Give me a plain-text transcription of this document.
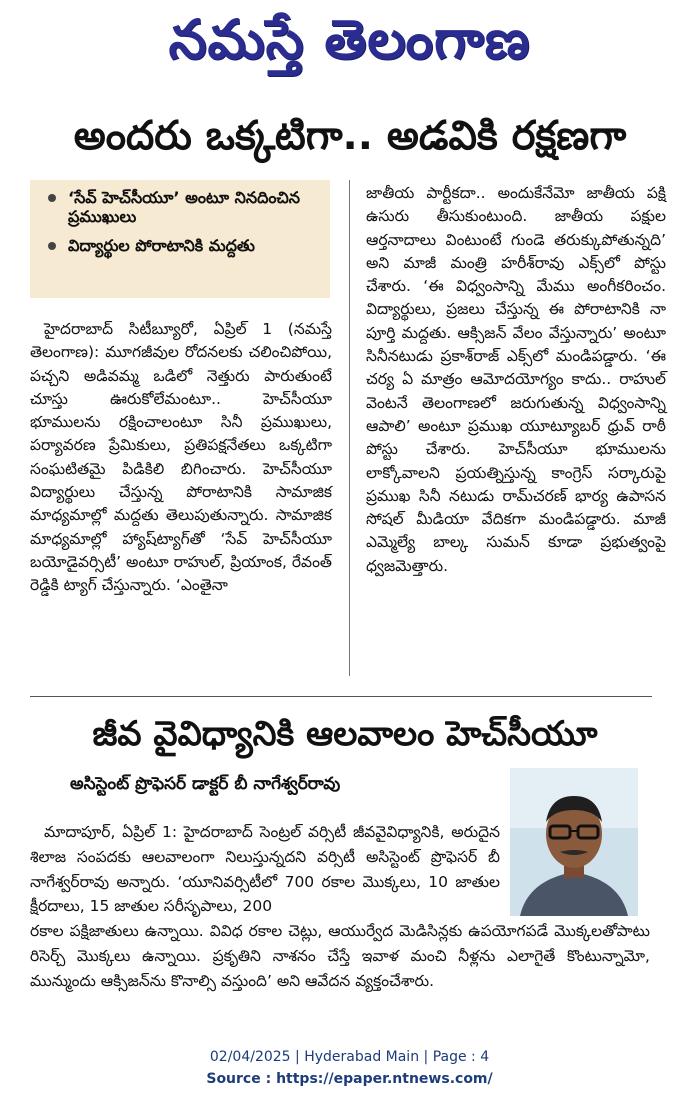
నమస్తే తెలంగాణ
అందరు ఒక్కటిగా.. అడవికి రక్షణగా
‘సేవ్ హెచ్‌సీయూ’ అంటూ నినదించిన ప్రముఖులు
విద్యార్థుల పోరాటానికి మద్దతు
హైదరాబాద్ సిటీబ్యూరో, ఏప్రిల్ 1 (నమస్తే తెలంగాణ): మూగజీవుల రోదనలకు చలించిపోయి, పచ్చని అడివమ్మ ఒడిలో నెత్తురు పారుతుంటే చూస్తు ఊరుకోలేమంటూ.. హెచ్‌సీయూ భూములను రక్షించాలంటూ సినీ ప్రముఖులు, పర్యావరణ ప్రేమికులు, ప్రతిపక్షనేతలు ఒక్కటిగా సంఘటితమై పిడికిలి బిగించారు. హెచ్‌సీయూ విద్యార్థులు చేస్తున్న పోరాటానికి సామాజిక మాధ్యమాల్లో మద్దతు తెలుపుతున్నారు. సామాజిక మాధ్యమాల్లో హ్యాష్‌ట్యాగ్‌తో ‘సేవ్ హెచ్‌సీయూ బయోడైవర్సిటీ’ అంటూ రాహుల్, ప్రియాంక, రేవంత్ రెడ్డికి ట్యాగ్ చేస్తున్నారు. ‘ఎంతైనా
జాతీయ పార్టీకదా.. అందుకేనేమో జాతీయ పక్షి ఉసురు తీసుకుంటుంది. జాతీయ పక్షుల ఆర్తనాదాలు వింటుంటే గుండె తరుక్కుపోతున్నది’ అని మాజీ మంత్రి హరీశ్‌రావు ఎక్స్‌లో పోస్టు చేశారు. ‘ఈ విధ్వంసాన్ని మేము అంగీకరించం. విద్యార్థులు, ప్రజలు చేస్తున్న ఈ పోరాటానికి నా పూర్తి మద్దతు. ఆక్సిజన్ వేలం వేస్తున్నారు’ అంటూ సినీనటుడు ప్రకాశ్‌రాజ్ ఎక్స్‌లో మండిపడ్డారు. ‘ఈ చర్య ఏ మాత్రం ఆమోదయోగ్యం కాదు.. రాహుల్ వెంటనే తెలంగాణలో జరుగుతున్న విధ్వంసాన్ని ఆపాలి’ అంటూ ప్రముఖ యూట్యూబర్ ధ్రువ్ రాఠీ పోస్టు చేశారు. హెచ్‌సీయూ భూములను లాక్కోవాలని ప్రయత్నిస్తున్న కాంగ్రెస్ సర్కారుపై ప్రముఖ సినీ నటుడు రామ్‌చరణ్ భార్య ఉపాసన సోషల్ మీడియా వేదికగా మండిపడ్డారు. మాజీ ఎమ్మెల్యే బాల్క సుమన్ కూడా ప్రభుత్వంపై ధ్వజమెత్తారు.
జీవ వైవిధ్యానికి ఆలవాలం హెచ్‌సీయూ
అసిస్టెంట్ ప్రొఫెసర్ డాక్టర్ బీ నాగేశ్వర్‌రావు
మాదాపూర్, ఏప్రిల్ 1: హైదరాబాద్ సెంట్రల్ వర్సిటీ జీవవైవిధ్యానికి, అరుదైన శిలాజ సంపదకు ఆలవాలంగా నిలుస్తున్నదని వర్సిటీ అసిస్టెంట్ ప్రొఫెసర్ బీ నాగేశ్వర్‌రావు అన్నారు. ‘యూనివర్సిటీలో 700 రకాల మొక్కలు, 10 జాతుల క్షీరదాలు, 15 జాతుల సరీసృపాలు, 200
రకాల పక్షిజాతులు ఉన్నాయి. వివిధ రకాల చెట్లు, ఆయుర్వేద మెడిసిన్లకు ఉపయోగపడే మొక్కలతోపాటు రిసెర్చ్ మొక్కలు ఉన్నాయి. ప్రకృతిని నాశనం చేస్తే ఇవాళ మంచి నీళ్లను ఎలాగైతే కొంటున్నామో, మున్ముందు ఆక్సిజన్‌ను కొనాల్సి వస్తుంది’ అని ఆవేదన వ్యక్తంచేశారు.
02/04/2025 | Hyderabad Main | Page : 4
Source : https://epaper.ntnews.com/
